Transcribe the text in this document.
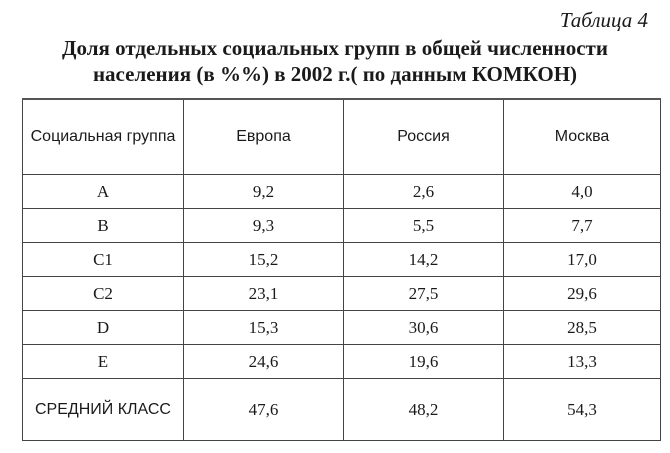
Таблица 4
Доля отдельных социальных групп в общей численности
населения (в %%) в 2002 г.( по данным КОМКОН)
Социальная группа	Европа	Россия	Москва
A	9,2	2,6	4,0
B	9,3	5,5	7,7
C1	15,2	14,2	17,0
C2	23,1	27,5	29,6
D	15,3	30,6	28,5
E	24,6	19,6	13,3
СРЕДНИЙ КЛАСС	47,6	48,2	54,3
